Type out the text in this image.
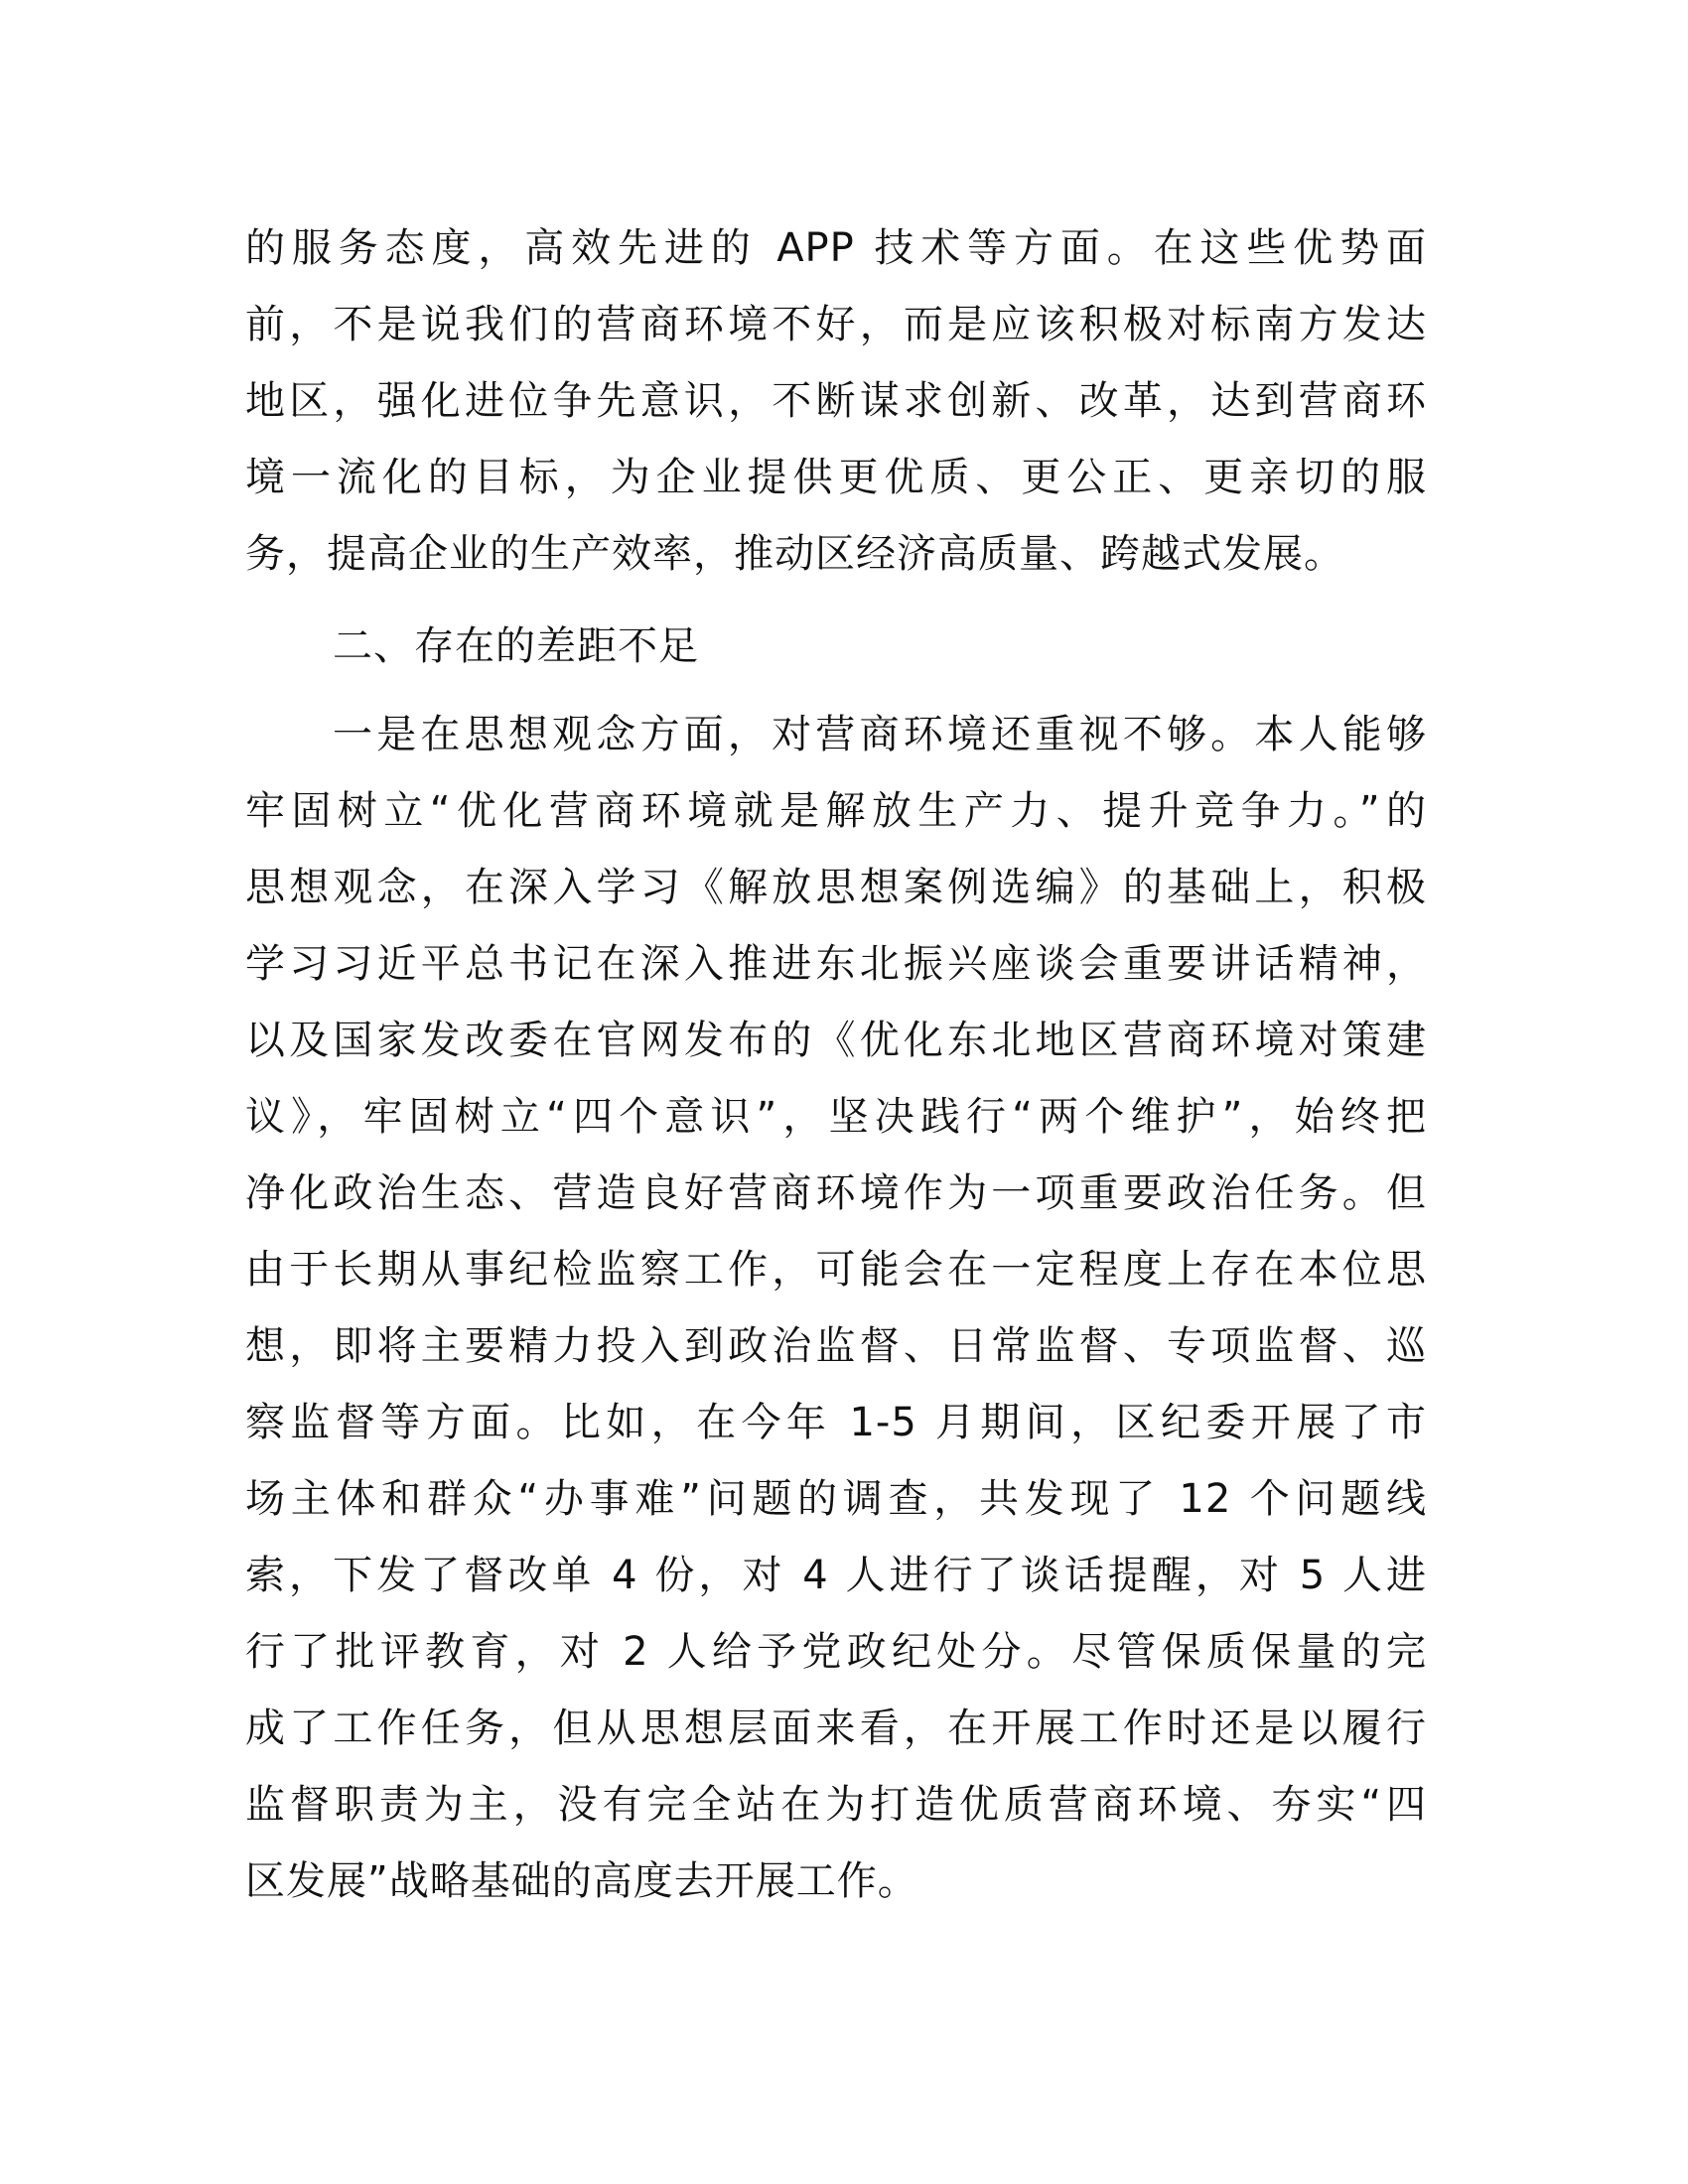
的服务态度，高效先进的 APP 技术等方面。在这些优势面
前，不是说我们的营商环境不好，而是应该积极对标南方发达
地区，强化进位争先意识，不断谋求创新、改革，达到营商环
境一流化的目标，为企业提供更优质、更公正、更亲切的服
务，提高企业的生产效率，推动区经济高质量、跨越式发展。
二、存在的差距不足
一是在思想观念方面，对营商环境还重视不够。本人能够
牢固树立“优化营商环境就是解放生产力、提升竞争力。”的
思想观念，在深入学习《解放思想案例选编》的基础上，积极
学习习近平总书记在深入推进东北振兴座谈会重要讲话精神，
以及国家发改委在官网发布的《优化东北地区营商环境对策建
议》，牢固树立“四个意识”，坚决践行“两个维护”，始终把
净化政治生态、营造良好营商环境作为一项重要政治任务。但
由于长期从事纪检监察工作，可能会在一定程度上存在本位思
想，即将主要精力投入到政治监督、日常监督、专项监督、巡
察监督等方面。比如，在今年 1-5 月期间，区纪委开展了市
场主体和群众“办事难”问题的调查，共发现了 12 个问题线
索，下发了督改单 4 份，对 4 人进行了谈话提醒，对 5 人进
行了批评教育，对 2 人给予党政纪处分。尽管保质保量的完
成了工作任务，但从思想层面来看，在开展工作时还是以履行
监督职责为主，没有完全站在为打造优质营商环境、夯实“四
区发展”战略基础的高度去开展工作。
